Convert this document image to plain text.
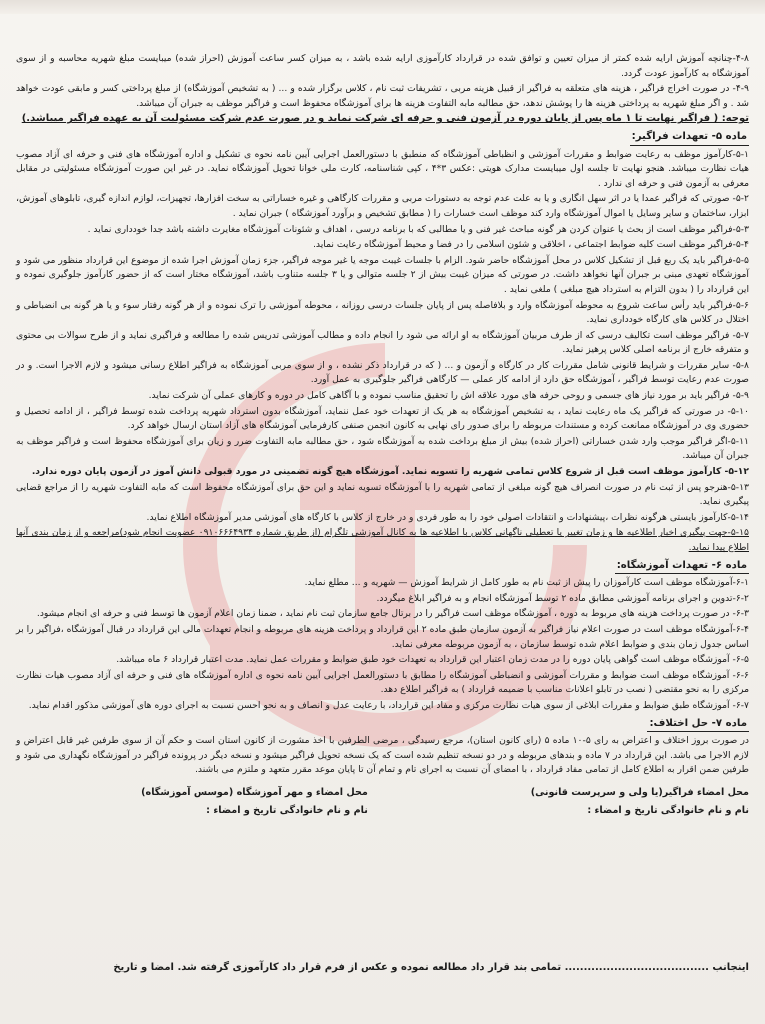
۴-۸-چنانچه آموزش ارایه شده کمتر از میزان تعیین و توافق شده در قرارداد کارآموزی ارایه شده باشد ، به میزان کسر ساعت آموزش (احراز شده) میبایست مبلغ شهریه محاسبه و از سوی آموزشگاه به کارآموز عودت گردد.

۴-۹- در صورت اخراج فراگیر ، هزینه های متعلقه به فراگیر از قبیل هزینه مربی ، تشریفات ثبت نام ، کلاس برگزار شده و ... ( به تشخیص آموزشگاه) از مبلغ پرداختی کسر و مابقی عودت خواهد شد . و اگر مبلغ شهریه به پرداختی هزینه ها را پوشش ندهد، حق مطالبه مابه التفاوت هزینه ها برای آموزشگاه محفوظ است و فراگیر موظف به جبران آن میباشد.

توجه: ( فراگیر نهایت تا ۱ ماه پس از پایان دوره در آزمون فنی و حرفه ای شرکت نماید و در صورت عدم شرکت مسئولیت آن به عهده فراگیر میباشد.)

ماده ۵- تعهدات فراگیر:

۵-۱-کارآموز موظف به رعایت ضوابط و مقررات آموزشی و انظباطی آموزشگاه که منطبق با دستورالعمل اجرایی آیین نامه نحوه ی تشکیل و اداره آموزشگاه های فنی و حرفه ای آزاد مصوب هیات نظارت میباشد. هنجو نهایت تا جلسه اول میبایست مدارک هویتی :عکس ۳*۴ ، کپی شناسنامه، کارت ملی خوانا تحویل آموزشگاه نماید. در غیر این صورت آموزشگاه مسئولیتی در مقابل معرفی به آزمون فنی و حرفه ای ندارد .

۵-۲- صورتی که فراگیر عمدا یا در اثر سهل انگاری و یا به علت عدم توجه به دستورات مربی و مقررات کارگاهی و غیره خساراتی به سخت افزارها، تجهیزات، لوازم اندازه گیری، تابلوهای آموزش، ابزار، ساختمان و سایر وسایل یا اموال آموزشگاه وارد کند موظف است خسارات را ( مطابق تشخیص و برآورد آموزشگاه ) جبران نماید .

۵-۳-فراگیر موظف است از بحث یا عنوان کردن هر گونه مباحث غیر فنی و یا مطالبی که با برنامه درسی ، اهداف و شئونات آموزشگاه مغایرت داشته باشد جدا خودداری نماید .

۵-۴-فراگیر موظف است کلیه ضوابط اجتماعی ، اخلاقی و شئون اسلامی را در فضا و محیط آموزشگاه رعایت نماید.

۵-۵-فراگیر باید یک ربع قبل از تشکیل کلاس در محل آموزشگاه حاضر شود. الزام با جلسات غیبت موجه یا غیر موجه فراگیر، جزء زمان آموزش اجرا شده از موضوع این قرارداد منظور می شود و آموزشگاه تعهدی مبنی بر جبران آنها نخواهد داشت. در صورتی که میزان غیبت بیش از ۲ جلسه متوالی و یا ۳ جلسه متناوب باشد، آموزشگاه مختار است که از حضور کارآموز جلوگیری نموده و این قرارداد را ( بدون التزام به استرداد هیچ مبلغی ) ملغی نماید .

۵-۶-فراگیر باید رأس ساعت شروع به محوطه آموزشگاه وارد و بلافاصله پس از پایان جلسات درسی روزانه ، محوطه آموزشی را ترک نموده و از هر گونه رفتار سوء و یا هر گونه بی انضباطی و اختلال در کلاس های کارگاه خودداری نماید.

۵-۷- فراگیر موظف است تکالیف درسی که از طرف مربیان آموزشگاه به او ارائه می شود را انجام داده و مطالب آموزشی تدریس شده را مطالعه و فراگیری نماید و از طرح سوالات بی محتوی و متفرقه خارج از برنامه اصلی کلاس پرهیز نماید.

۵-۸- سایر مقررات و شرایط قانونی شامل مقررات کار در کارگاه و آزمون و ... ( که در قرارداد ذکر نشده ، و از سوی مربی آموزشگاه به فراگیر اطلاع رسانی میشود و لازم الاجرا است. و در صورت عدم رعایت توسط فراگیر ، آموزشگاه حق دارد از ادامه کار عملی — کارگاهی فراگیر جلوگیری به عمل آورد.

۵-۹- فراگیر باید بر مورد نیاز های جسمی و روحی حرفه های مورد علاقه اش را تحقیق مناسب نموده و با آگاهی کامل در دوره و کارهای عملی آن شرکت نماید.

۵-۱۰- در صورتی که فراگیر یک ماه رعایت نماید ، به تشخیص آموزشگاه به هر یک از تعهدات خود عمل ننماید، آموزشگاه بدون استرداد شهریه پرداخت شده توسط فراگیر ، از ادامه تحصیل و حضوری وی در آموزشگاه ممانعت کرده و مستندات مربوطه را برای صدور رای نهایی به کانون انجمن صنفی کارفرمایی آموزشگاه های آزاد استان ارسال خواهد کرد.

۵-۱۱-اگر فراگیر موجب وارد شدن خساراتی (احراز شده) بیش از مبلغ برداخت شده به آموزشگاه شود ، حق مطالبه مابه التفاوت ضرر و زیان برای آموزشگاه محفوظ است و فراگیر موظف به جبران آن میباشد.

۵-۱۲- کارآموز موظف است قبل از شروع کلاس تمامی شهریه را تسویه نماید. آموزشگاه هیچ گونه تضمینی در مورد قبولی دانش آموز در آزمون پایان دوره ندارد.

۵-۱۳-هنرجو پس از ثبت نام در صورت انصراف هیچ گونه مبلغی از تمامی شهریه را با آموزشگاه تسویه نماید و این حق برای آموزشگاه محفوظ است که مابه التفاوت شهریه را از مراجع قضایی پیگیری نماید.

۵-۱۴-کارآموز بایستی هرگونه نظرات ،پیشنهادات و انتقادات اصولی خود را به طور فردی و در خارج از کلاس با کارگاه های آموزشی مدیر آموزشگاه اطلاع نماید.

۵-۱۵-جهت پیگیری اخبار اطلاعیه ها و زمان تغییر یا تعطیلی ناگهانی کلاس با اطلاعیه ها به کانال آموزشی تلگرام (از طریق شماره ۰۹۱۰۶۶۶۴۹۳۴ عضویت انجام شود)مراجعه و از زمان بندی آنها اطلاع پیدا نماید.

ماده ۶- تعهدات آموزشگاه:

۶-۱-آموزشگاه موظف است کارآموزان را پیش از ثبت نام به طور کامل از شرایط آموزش — شهریه و ... مطلع نماید.

۶-۲-تدوین و اجرای برنامه آموزشی مطابق ماده ۲ توسط آموزشگاه انجام و به فراگیر ابلاغ میگردد.

۶-۳- در صورت پرداخت هزینه های مربوط به دوره ، آموزشگاه موظف است فراگیر را در برتال جامع سازمان ثبت نام نماید ، ضمنا زمان اعلام آزمون ها توسط فنی و حرفه ای انجام میشود.

۶-۴-آموزشگاه موظف است در صورت اعلام نیاز فراگیر به آزمون سازمان طبق ماده ۲ این قرارداد و پرداخت هزینه های مربوطه و انجام تعهدات مالی این قرارداد در قبال آموزشگاه ،فراگیر را بر اساس جدول زمان بندی و ضوابط اعلام شده توسط سازمان ، به آزمون مربوطه معرفی نماید.

۶-۵- آموزشگاه موظف است گواهی پایان دوره را در مدت زمان اعتبار این قرارداد به تعهدات خود طبق ضوابط و مقررات عمل نماید. مدت اعتبار قرارداد ۶ ماه میباشد.

۶-۶- آموزشگاه موظف است ضوابط و مقررات آموزشی و انضباطی آموزشگاه را مطابق با دستورالعمل اجرایی آیین نامه نحوه ی اداره آموزشگاه های فنی و حرفه ای آزاد مصوب هیات نظارت مرکزی را به نحو مقتضی ( نصب در تابلو اعلانات مناسب با ضمیمه قرارداد ) به فراگیر اطلاع دهد.

۶-۷- آموزشگاه طبق ضوابط و مقررات ابلاغی از سوی هیات نظارت مرکزی و مفاد این قرارداد، با رعایت عدل و انصاف و به نحو احسن نسبت به اجرای دوره های آموزشی مذکور اقدام نماید.

ماده ۷- حل اختلاف:

در صورت بروز اختلاف و اعتراض به رای ۵-۱۰ ماده ۵ (رای کانون استان)، مرجع رسیدگی ، مرضی الطرفین با اخذ مشورت از کانون استان است و حکم آن از سوی طرفین غیر قابل اعتراض و لازم الاجرا می باشد. این قرارداد در ۷ ماده و بندهای مربوطه و در دو نسخه تنظیم شده است که یک نسخه تحویل فراگیر میشود و نسخه دیگر در پرونده فراگیر در آموزشگاه نگهداری می شود و طرفین ضمن اقرار به اطلاع کامل از تمامی مفاد قرارداد ، با امضای آن نسبت به اجرای تام و تمام آن تا پایان موعد مقرر متعهد و ملتزم می باشند.

محل امضاء فراگیر(یا ولی و سرپرست قانونی)
نام و نام خانوادگی تاریخ و امضاء :
محل امضاء و مهر آموزشگاه (موسس آموزشگاه)
نام و نام خانوادگی تاریخ و امضاء :
اینجانب ...................................... تمامی بند قرار داد مطالعه نموده و عکس از فرم قرار داد کارآموزی گرفته شد. امضا و تاریخ
